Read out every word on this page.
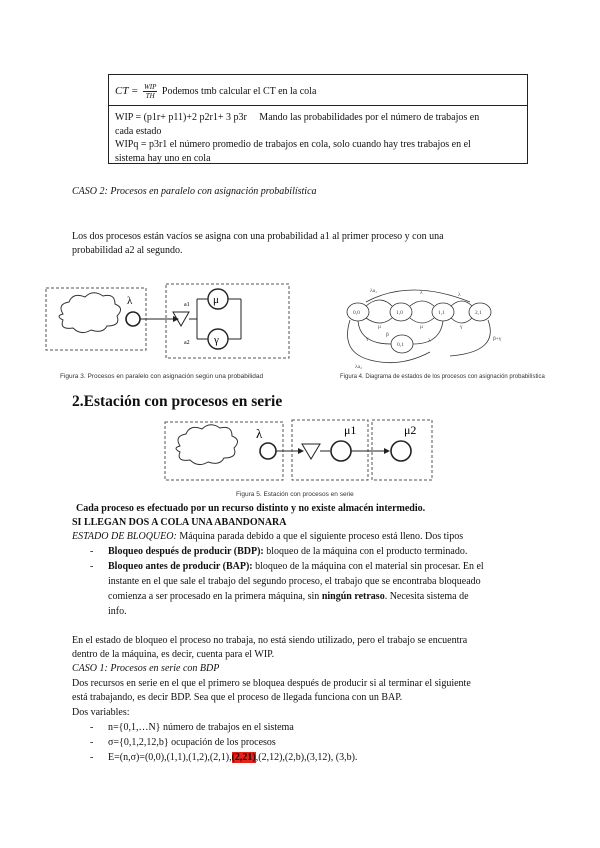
CT = $\frac{\text{WIP}}{TH}$ Podemos tmb calcular el CT en la cola
WIP = (p1r+ p11)+2 p2r1+ 3 p3r     Mando las probabilidades por el número de trabajos en
cada estado
WIPq = p3r1 el número promedio de trabajos en cola, solo cuando hay tres trabajos en el
sistema hay uno en cola
CASO 2: Procesos en paralelo con asignación probabilística
Los dos procesos están vacíos se asigna con una probabilidad a1 al primer proceso y con una
probabilidad a2 al segundo.
λ	μ
γ
a1
a2
Figura 3. Procesos en paralelo con asignación según una probabilidad
λa₁	λ	λ
0,0	1,0	1,1	2,1
μ	μ	γ
β
γ
λa₂
0,1
λ	β+γ
Figura 4. Diagrama de estados de los procesos con asignación probabilística
2.Estación con procesos en serie
λ	μ1	μ2
Figura 5. Estación con procesos en serie
Cada proceso es efectuado por un recurso distinto y no existe almacén intermedio.
SI LLEGAN DOS A COLA UNA ABANDONARA
ESTADO DE BLOQUEO: Máquina parada debido a que el siguiente proceso está lleno. Dos tipos
- Bloqueo después de producir (BDP): bloqueo de la máquina con el producto terminado.
- Bloqueo antes de producir (BAP): bloqueo de la máquina con el material sin procesar. En el
instante en el que sale el trabajo del segundo proceso, el trabajo que se encontraba bloqueado
comienza a ser procesado en la primera máquina, sin ningún retraso. Necesita sistema de
info.
En el estado de bloqueo el proceso no trabaja, no está siendo utilizado, pero el trabajo se encuentra
dentro de la máquina, es decir, cuenta para el WIP.
CASO 1: Procesos en serie con BDP
Dos recursos en serie en el que el primero se bloquea después de producir si al terminar el siguiente
está trabajando, es decir BDP. Sea que el proceso de llegada funciona con un BAP.
Dos variables:
- n={0,1,…N} número de trabajos en el sistema
- σ={0,1,2,12,b} ocupación de los procesos
- E=(n,σ)=(0,0),(1,1),(1,2),(2,1),(2,21),(2,12),(2,b),(3,12), (3,b).
